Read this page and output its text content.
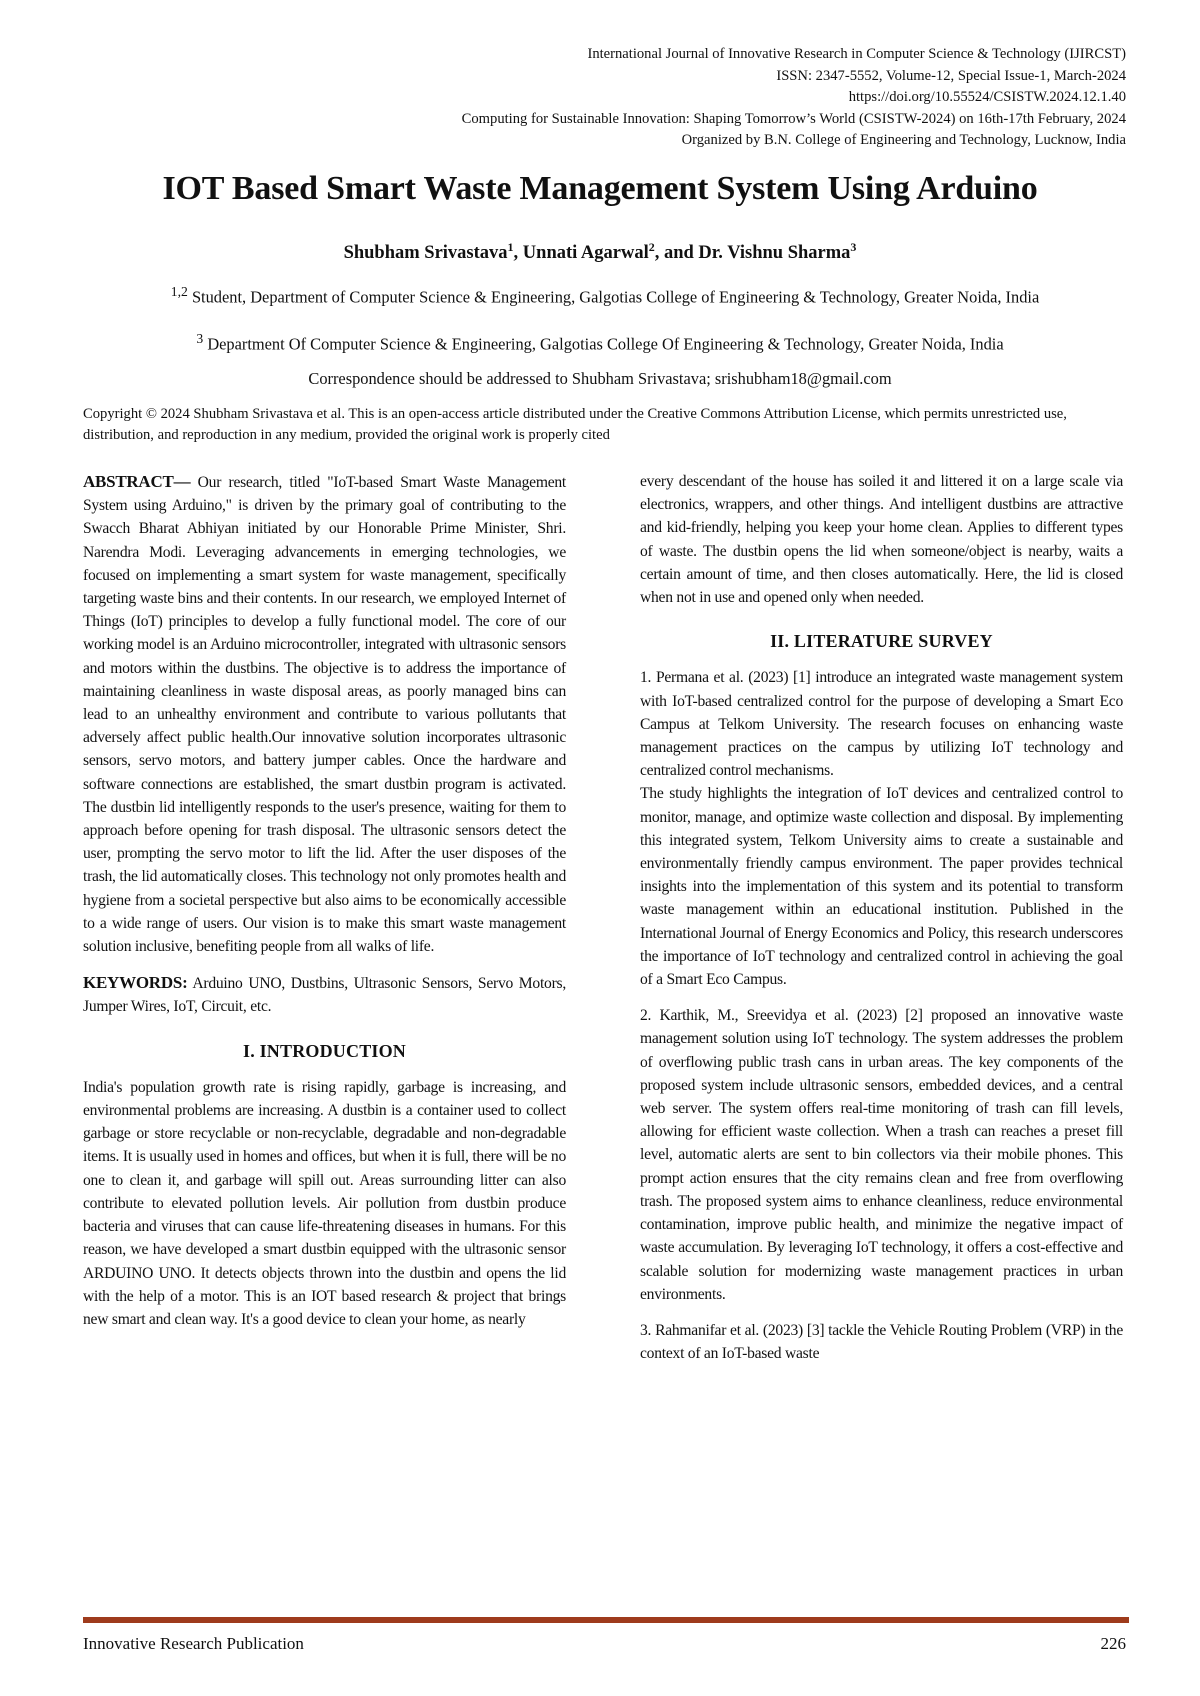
International Journal of Innovative Research in Computer Science & Technology (IJIRCST)
ISSN: 2347-5552, Volume-12, Special Issue-1, March-2024
https://doi.org/10.55524/CSISTW.2024.12.1.40
Computing for Sustainable Innovation: Shaping Tomorrow’s World (CSISTW-2024) on 16th-17th February, 2024
Organized by B.N. College of Engineering and Technology, Lucknow, India
IOT Based Smart Waste Management System Using Arduino
Shubham Srivastava$^1$, Unnati Agarwal$^2$, and Dr. Vishnu Sharma$^3$
$^{1,2}$ Student, Department of Computer Science & Engineering, Galgotias College of Engineering & Technology, Greater Noida, India
$^3$ Department Of Computer Science & Engineering, Galgotias College Of Engineering & Technology, Greater Noida, India
Correspondence should be addressed to Shubham Srivastava; srishubham18@gmail.com
Copyright © 2024 Shubham Srivastava et al. This is an open-access article distributed under the Creative Commons Attribution License, which permits unrestricted use, distribution, and reproduction in any medium, provided the original work is properly cited

ABSTRACT— Our research, titled "IoT-based Smart Waste Management System using Arduino," is driven by the primary goal of contributing to the Swacch Bharat Abhiyan initiated by our Honorable Prime Minister, Shri. Narendra Modi. Leveraging advancements in emerging technologies, we focused on implementing a smart system for waste management, specifically targeting waste bins and their contents. In our research, we employed Internet of Things (IoT) principles to develop a fully functional model. The core of our working model is an Arduino microcontroller, integrated with ultrasonic sensors and motors within the dustbins. The objective is to address the importance of maintaining cleanliness in waste disposal areas, as poorly managed bins can lead to an unhealthy environment and contribute to various pollutants that adversely affect public health.Our innovative solution incorporates ultrasonic sensors, servo motors, and battery jumper cables. Once the hardware and software connections are established, the smart dustbin program is activated. The dustbin lid intelligently responds to the user's presence, waiting for them to approach before opening for trash disposal. The ultrasonic sensors detect the user, prompting the servo motor to lift the lid. After the user disposes of the trash, the lid automatically closes. This technology not only promotes health and hygiene from a societal perspective but also aims to be economically accessible to a wide range of users. Our vision is to make this smart waste management solution inclusive, benefiting people from all walks of life.

KEYWORDS: Arduino UNO, Dustbins, Ultrasonic Sensors, Servo Motors, Jumper Wires, IoT, Circuit, etc.

I. INTRODUCTION

India's population growth rate is rising rapidly, garbage is increasing, and environmental problems are increasing. A dustbin is a container used to collect garbage or store recyclable or non-recyclable, degradable and non-degradable items. It is usually used in homes and offices, but when it is full, there will be no one to clean it, and garbage will spill out. Areas surrounding litter can also contribute to elevated pollution levels. Air pollution from dustbin produce bacteria and viruses that can cause life-threatening diseases in humans. For this reason, we have developed a smart dustbin equipped with the ultrasonic sensor ARDUINO UNO. It detects objects thrown into the dustbin and opens the lid with the help of a motor. This is an IOT based research & project that brings new smart and clean way. It's a good device to clean your home, as nearly

every descendant of the house has soiled it and littered it on a large scale via electronics, wrappers, and other things. And intelligent dustbins are attractive and kid-friendly, helping you keep your home clean. Applies to different types of waste. The dustbin opens the lid when someone/object is nearby, waits a certain amount of time, and then closes automatically. Here, the lid is closed when not in use and opened only when needed.

II. LITERATURE SURVEY

1. Permana et al. (2023) [1] introduce an integrated waste management system with IoT-based centralized control for the purpose of developing a Smart Eco Campus at Telkom University. The research focuses on enhancing waste management practices on the campus by utilizing IoT technology and centralized control mechanisms.

The study highlights the integration of IoT devices and centralized control to monitor, manage, and optimize waste collection and disposal. By implementing this integrated system, Telkom University aims to create a sustainable and environmentally friendly campus environment. The paper provides technical insights into the implementation of this system and its potential to transform waste management within an educational institution. Published in the International Journal of Energy Economics and Policy, this research underscores the importance of IoT technology and centralized control in achieving the goal of a Smart Eco Campus.

2. Karthik, M., Sreevidya et al. (2023) [2] proposed an innovative waste management solution using IoT technology. The system addresses the problem of overflowing public trash cans in urban areas. The key components of the proposed system include ultrasonic sensors, embedded devices, and a central web server. The system offers real-time monitoring of trash can fill levels, allowing for efficient waste collection. When a trash can reaches a preset fill level, automatic alerts are sent to bin collectors via their mobile phones. This prompt action ensures that the city remains clean and free from overflowing trash. The proposed system aims to enhance cleanliness, reduce environmental contamination, improve public health, and minimize the negative impact of waste accumulation. By leveraging IoT technology, it offers a cost-effective and scalable solution for modernizing waste management practices in urban environments.

3. Rahmanifar et al. (2023) [3] tackle the Vehicle Routing Problem (VRP) in the context of an IoT-based waste

Innovative Research Publication	226
